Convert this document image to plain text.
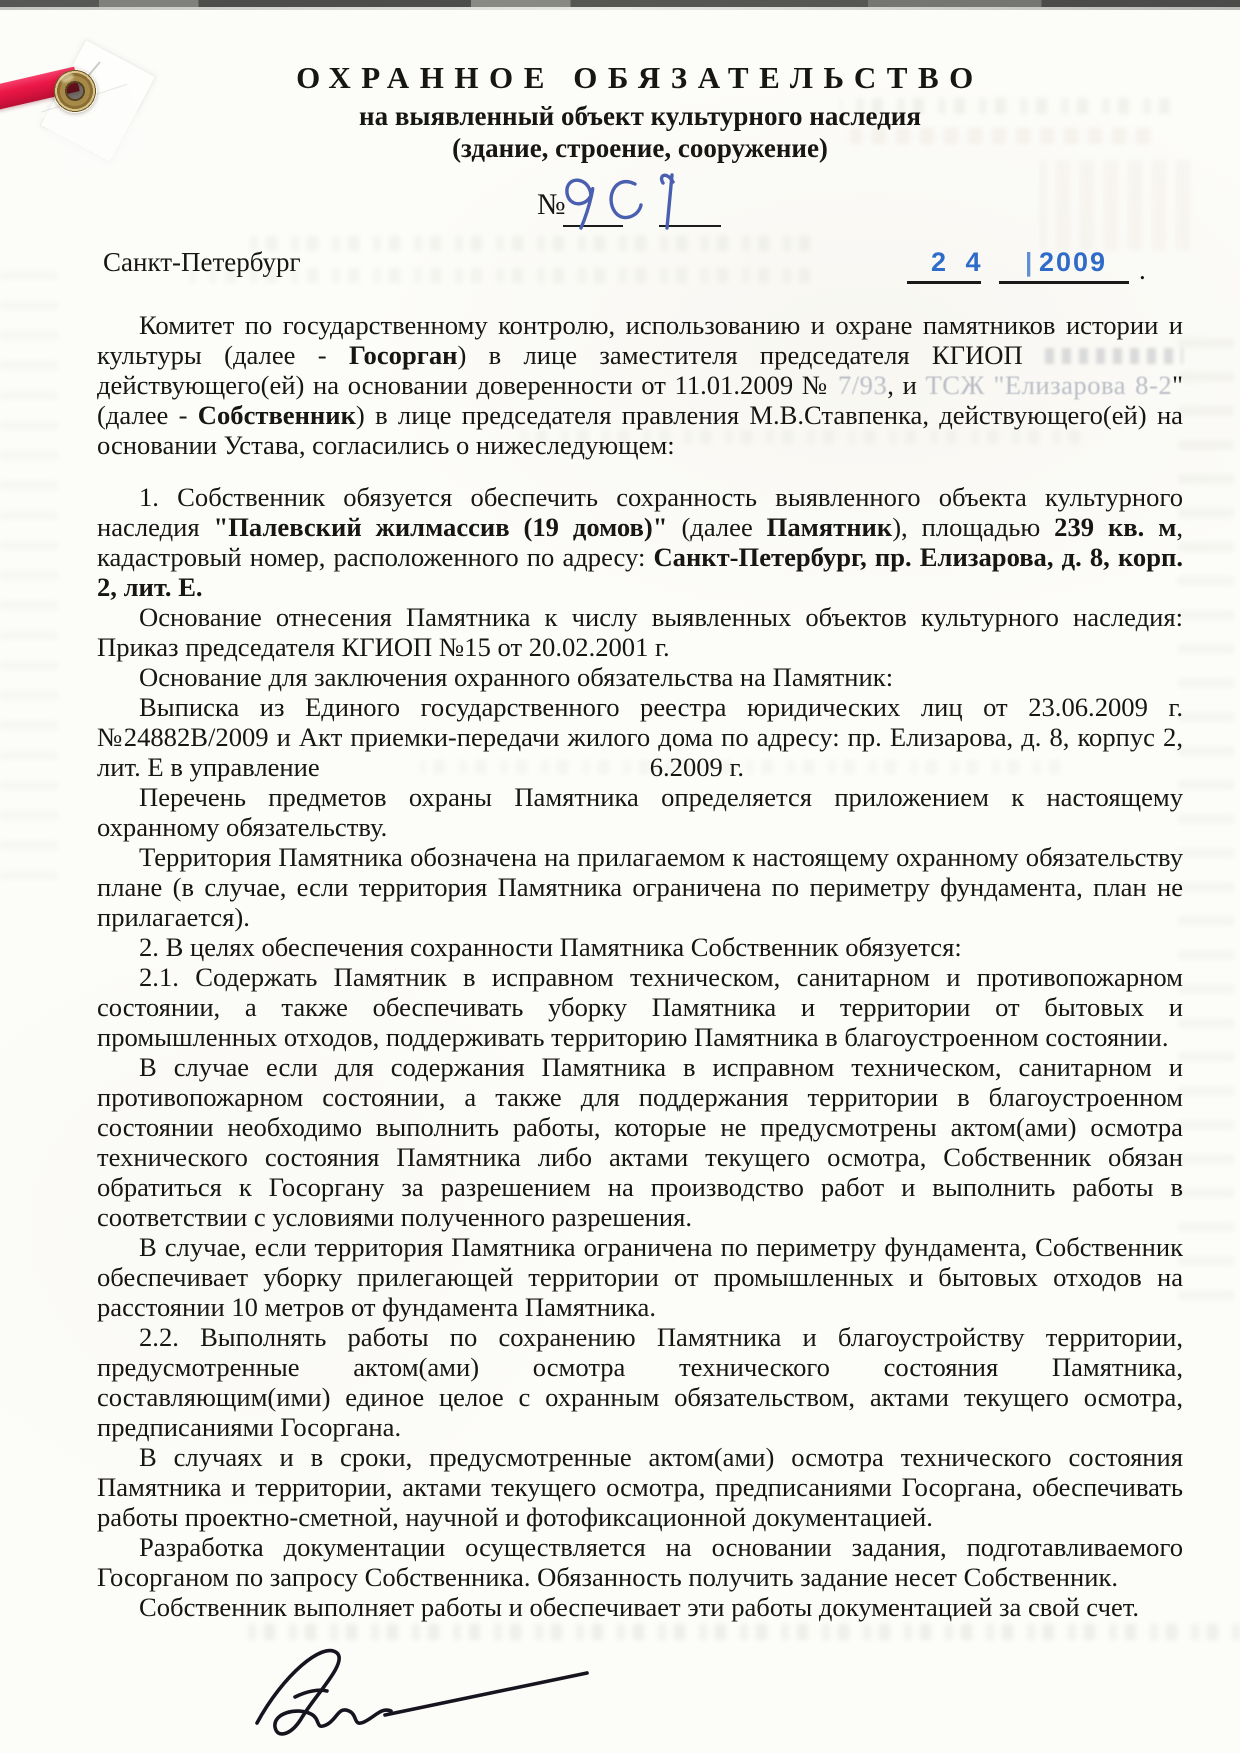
ОХРАННОЕ ОБЯЗАТЕЛЬСТВО
на выявленный объект культурного наследия
(здание, строение, сооружение)
№
Санкт-Петербург	2 4 | 2009 .

Комитет по государственному контролю, использованию и охране памятников истории и культуры (далее - Госорган) в лице заместителя председателя КГИОП  действующего(ей) на основании доверенности от 11.01.2009 № 7/93, и ТСЖ "Елизарова 8-2" (далее - Собственник) в лице председателя правления М.В.Ставпенка, действующего(ей) на основании Устава, согласились о нижеследующем:

1. Собственник обязуется обеспечить сохранность выявленного объекта культурного наследия "Палевский жилмассив (19 домов)" (далее Памятник), площадью 239 кв. м, кадастровый номер, расположенного по адресу: Санкт-Петербург, пр. Елизарова, д. 8, корп. 2, лит. Е.

Основание отнесения Памятника к числу выявленных объектов культурного наследия: Приказ председателя КГИОП №15 от 20.02.2001 г.

Основание для заключения охранного обязательства на Памятник:

Выписка из Единого государственного реестра юридических лиц от 23.06.2009 г. №24882В/2009 и Акт приемки-передачи жилого дома по адресу: пр. Елизарова, д. 8, корпус 2, лит. Е в управление	6.2009 г.

Перечень предметов охраны Памятника определяется приложением к настоящему охранному обязательству.

Территория Памятника обозначена на прилагаемом к настоящему охранному обязательству плане (в случае, если территория Памятника ограничена по периметру фундамента, план не прилагается).

2. В целях обеспечения сохранности Памятника Собственник обязуется:

2.1. Содержать Памятник в исправном техническом, санитарном и противопожарном состоянии, а также обеспечивать уборку Памятника и территории от бытовых и промышленных отходов, поддерживать территорию Памятника в благоустроенном состоянии.

В случае если для содержания Памятника в исправном техническом, санитарном и противопожарном состоянии, а также для поддержания территории в благоустроенном состоянии необходимо выполнить работы, которые не предусмотрены актом(ами) осмотра технического состояния Памятника либо актами текущего осмотра, Собственник обязан обратиться к Госоргану за разрешением на производство работ и выполнить работы в соответствии с условиями полученного разрешения.

В случае, если территория Памятника ограничена по периметру фундамента, Собственник обеспечивает уборку прилегающей территории от промышленных и бытовых отходов на расстоянии 10 метров от фундамента Памятника.

2.2. Выполнять работы по сохранению Памятника и благоустройству территории, предусмотренные актом(ами) осмотра технического состояния Памятника, составляющим(ими) единое целое с охранным обязательством, актами текущего осмотра, предписаниями Госоргана.

В случаях и в сроки, предусмотренные актом(ами) осмотра технического состояния Памятника и территории, актами текущего осмотра, предписаниями Госоргана, обеспечивать работы проектно-сметной, научной и фотофиксационной документацией.

Разработка документации осуществляется на основании задания, подготавливаемого Госорганом по запросу Собственника. Обязанность получить задание несет Собственник.

Собственник выполняет работы и обеспечивает эти работы документацией за свой счет.
